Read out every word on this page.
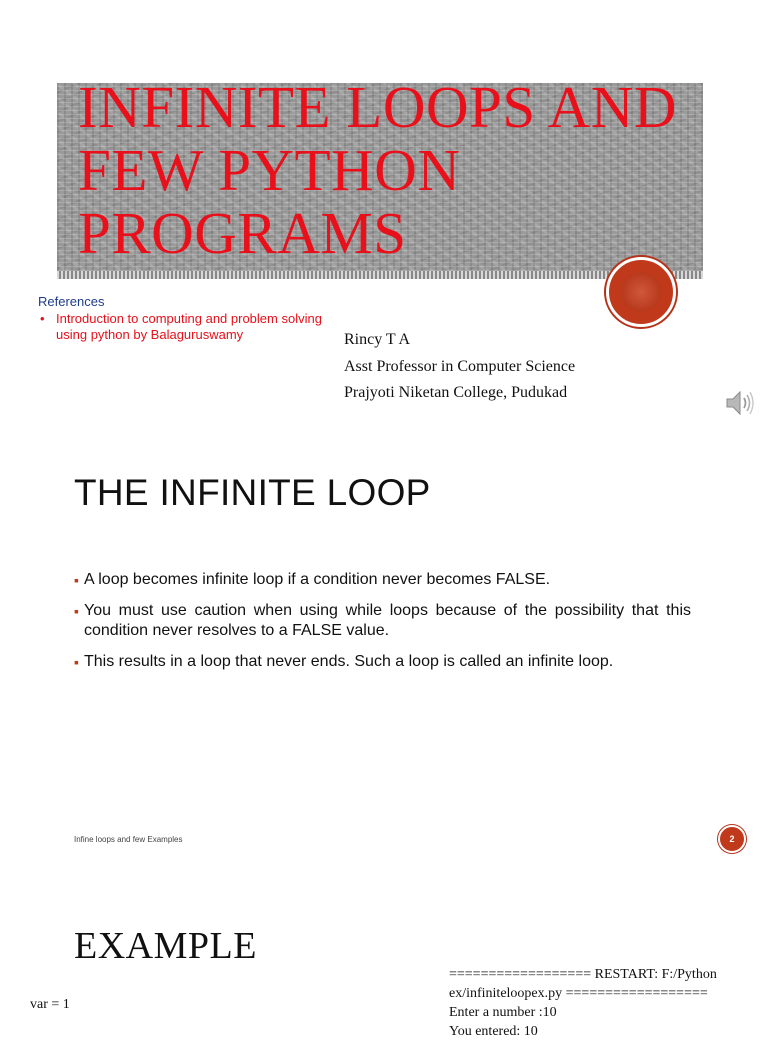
INFINITE LOOPS AND FEW PYTHON PROGRAMS

References

• Introduction to computing and problem solving using python by Balaguruswamy	Rincy T A

Asst Professor in Computer Science

Prajyoti Niketan College, Pudukad

THE INFINITE LOOP
▪ A loop becomes infinite loop if a condition never becomes FALSE.
▪ You must use caution when using while loops because of the possibility that this condition never resolves to a FALSE value.
▪ This results in a loop that never ends. Such a loop is called an infinite loop.
Infine loops and few Examples	2
EXAMPLE
var = 1

================== RESTART: F:/Python

ex/infiniteloopex.py ==================

Enter a number :10

You entered: 10
